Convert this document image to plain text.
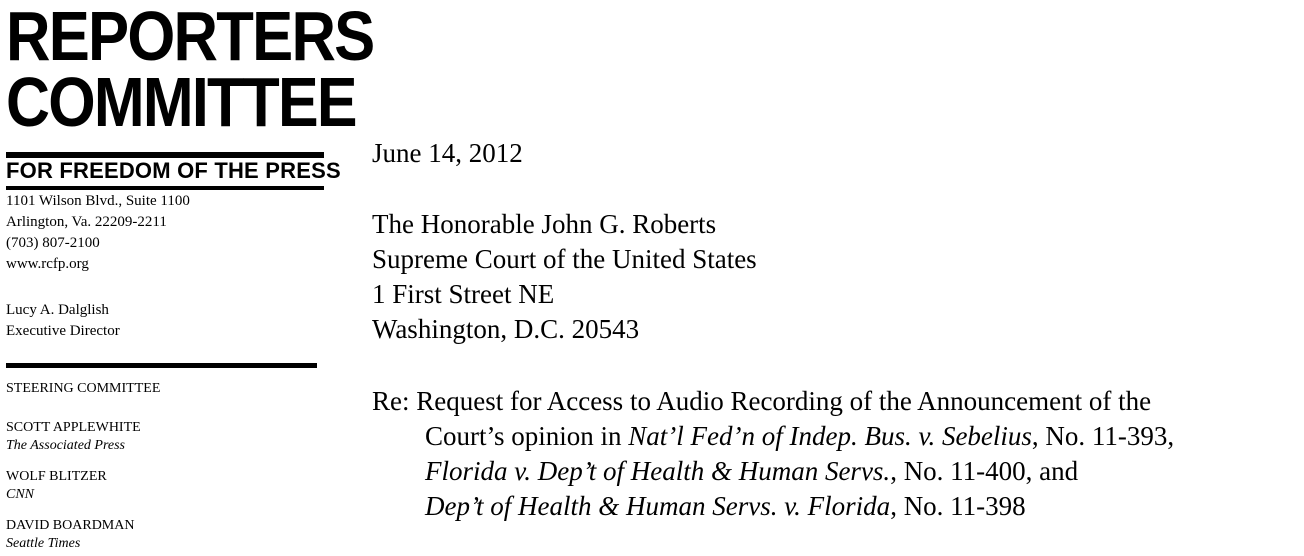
REPORTERS
COMMITTEE
FOR FREEDOM OF THE PRESS
1101 Wilson Blvd., Suite 1100
Arlington, Va. 22209-2211
(703) 807-2100
www.rcfp.org
Lucy A. Dalglish
Executive Director
STEERING COMMITTEE
SCOTT APPLEWHITE
The Associated Press
WOLF BLITZER
CNN
DAVID BOARDMAN
Seattle Times
June 14, 2012
The Honorable John G. Roberts
Supreme Court of the United States
1 First Street NE
Washington, D.C. 20543
Re: Request for Access to Audio Recording of the Announcement of the
Court’s opinion in Nat’l Fed’n of Indep. Bus. v. Sebelius, No. 11-393,
Florida v. Dep’t of Health & Human Servs., No. 11-400, and
Dep’t of Health & Human Servs. v. Florida, No. 11-398
